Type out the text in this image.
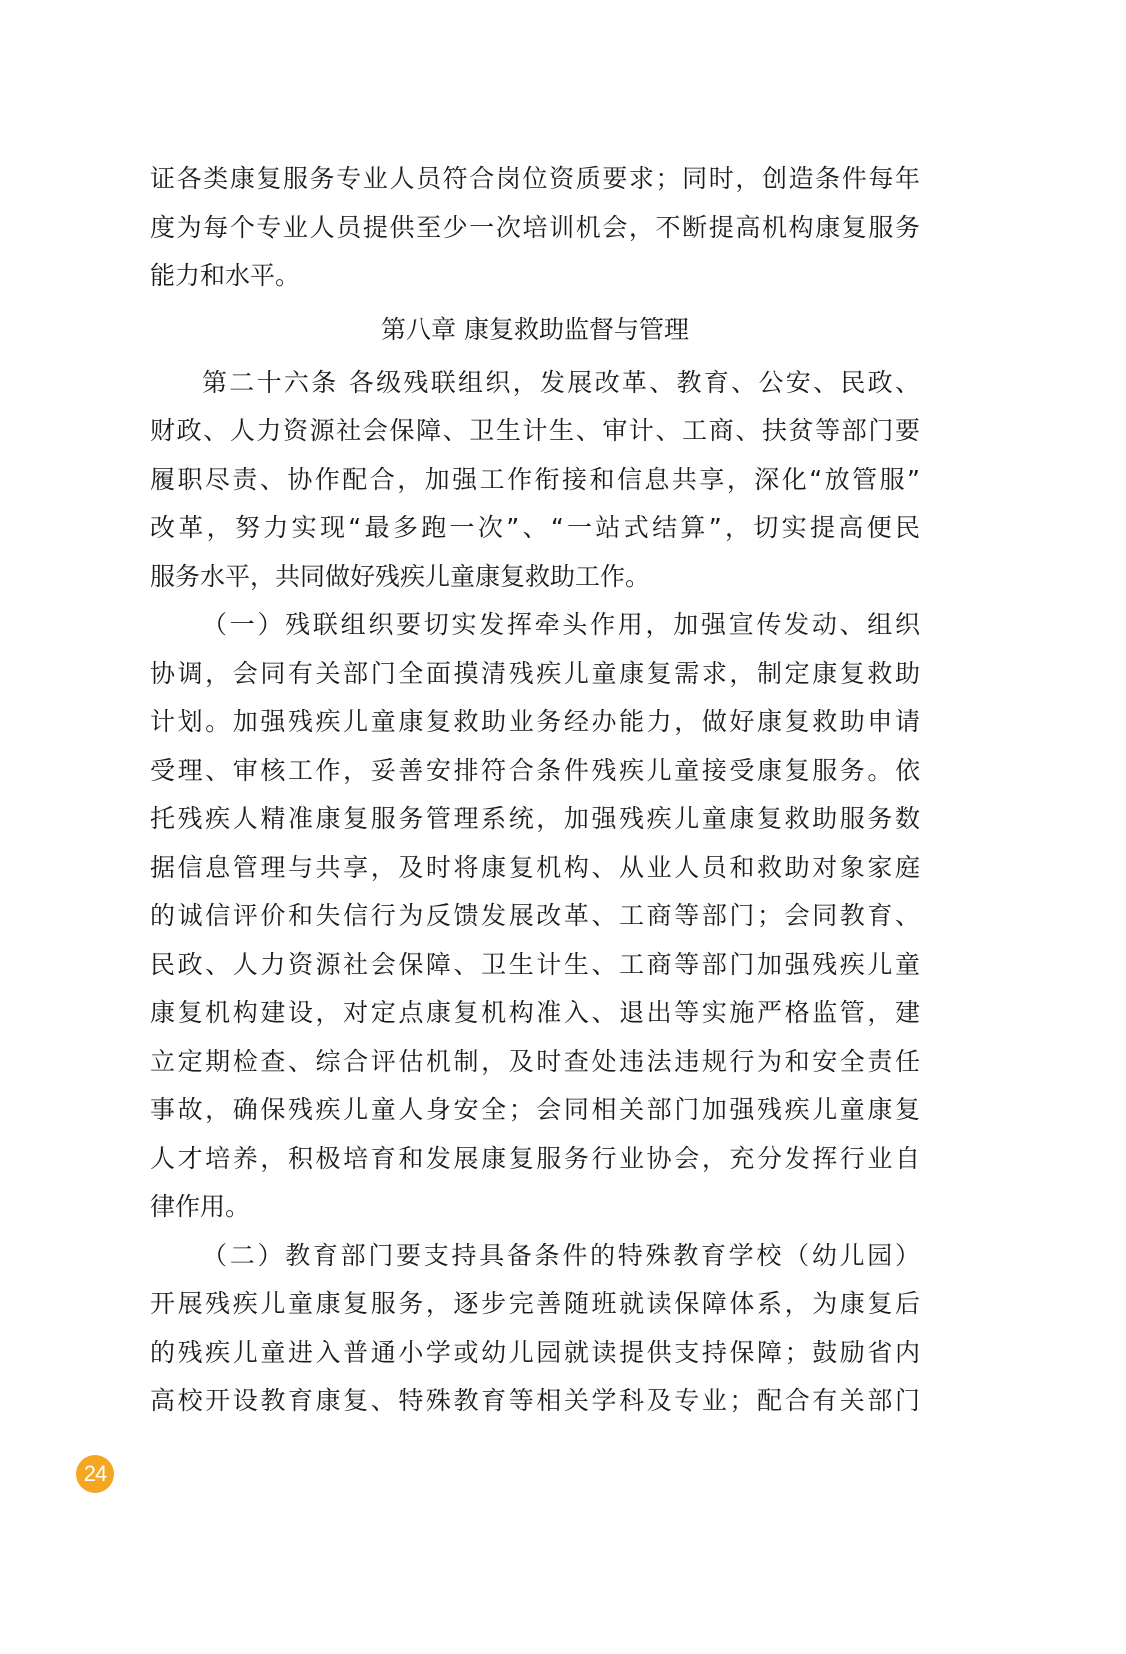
证各类康复服务专业人员符合岗位资质要求；同时，创造条件每年
度为每个专业人员提供至少一次培训机会，不断提高机构康复服务
能力和水平。
第八章 康复救助监督与管理
第二十六条 各级残联组织，发展改革、教育、公安、民政、
财政、人力资源社会保障、卫生计生、审计、工商、扶贫等部门要
履职尽责、协作配合，加强工作衔接和信息共享，深化“放管服”
改革，努力实现“最多跑一次”、“一站式结算”，切实提高便民
服务水平，共同做好残疾儿童康复救助工作。
（一）残联组织要切实发挥牵头作用，加强宣传发动、组织
协调，会同有关部门全面摸清残疾儿童康复需求，制定康复救助
计划。加强残疾儿童康复救助业务经办能力，做好康复救助申请
受理、审核工作，妥善安排符合条件残疾儿童接受康复服务。依
托残疾人精准康复服务管理系统，加强残疾儿童康复救助服务数
据信息管理与共享，及时将康复机构、从业人员和救助对象家庭
的诚信评价和失信行为反馈发展改革、工商等部门；会同教育、
民政、人力资源社会保障、卫生计生、工商等部门加强残疾儿童
康复机构建设，对定点康复机构准入、退出等实施严格监管，建
立定期检查、综合评估机制，及时查处违法违规行为和安全责任
事故，确保残疾儿童人身安全；会同相关部门加强残疾儿童康复
人才培养，积极培育和发展康复服务行业协会，充分发挥行业自
律作用。
（二）教育部门要支持具备条件的特殊教育学校（幼儿园）
开展残疾儿童康复服务，逐步完善随班就读保障体系，为康复后
的残疾儿童进入普通小学或幼儿园就读提供支持保障；鼓励省内
高校开设教育康复、特殊教育等相关学科及专业；配合有关部门
24
